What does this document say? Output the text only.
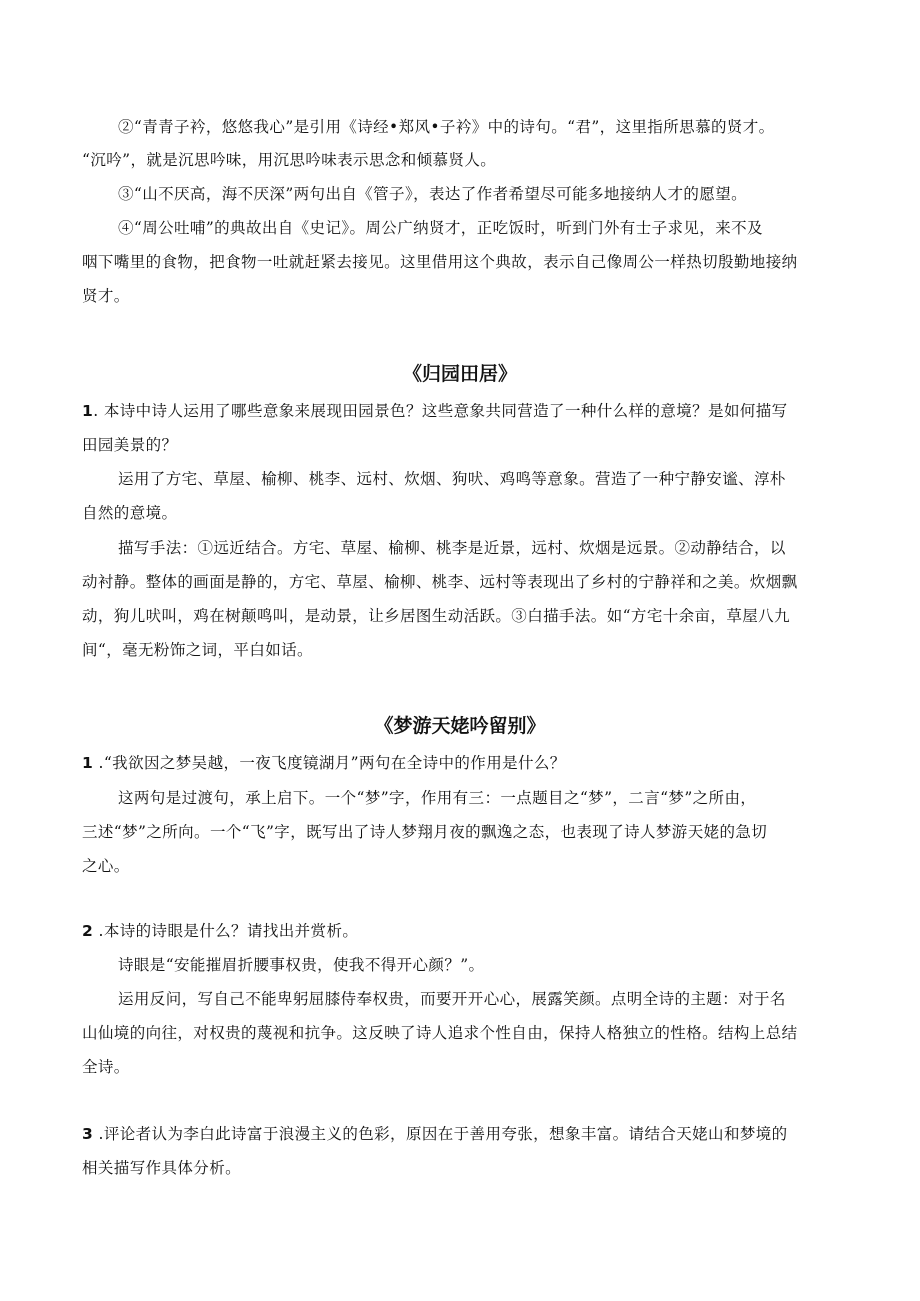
②“青青子衿，悠悠我心”是引用《诗经•郑风•子衿》中的诗句。“君”，这里指所思慕的贤才。
“沉吟”，就是沉思吟味，用沉思吟味表示思念和倾慕贤人。
③“山不厌高，海不厌深”两句出自《管子》，表达了作者希望尽可能多地接纳人才的愿望。
④“周公吐哺”的典故出自《史记》。周公广纳贤才，正吃饭时，听到门外有士子求见，来不及
咽下嘴里的食物，把食物一吐就赶紧去接见。这里借用这个典故，表示自己像周公一样热切殷勤地接纳
贤才。
《归园田居》
1. 本诗中诗人运用了哪些意象来展现田园景色？这些意象共同营造了一种什么样的意境？是如何描写
田园美景的？
运用了方宅、草屋、榆柳、桃李、远村、炊烟、狗吠、鸡鸣等意象。营造了一种宁静安谧、淳朴
自然的意境。
描写手法：①远近结合。方宅、草屋、榆柳、桃李是近景，远村、炊烟是远景。②动静结合，以
动衬静。整体的画面是静的，方宅、草屋、榆柳、桃李、远村等表现出了乡村的宁静祥和之美。炊烟飘
动，狗儿吠叫，鸡在树颠鸣叫，是动景，让乡居图生动活跃。③白描手法。如“方宅十余亩，草屋八九
间“，毫无粉饰之词，平白如话。
《梦游天姥吟留别》
1 .“我欲因之梦吴越，一夜飞度镜湖月”两句在全诗中的作用是什么？
这两句是过渡句，承上启下。一个“梦”字，作用有三：一点题目之“梦”，二言“梦”之所由，
三述“梦”之所向。一个“飞”字，既写出了诗人梦翔月夜的飘逸之态，也表现了诗人梦游天姥的急切
之心。
2 .本诗的诗眼是什么？请找出并赏析。
诗眼是“安能摧眉折腰事权贵，使我不得开心颜？”。
运用反问，写自己不能卑躬屈膝侍奉权贵，而要开开心心，展露笑颜。点明全诗的主题：对于名
山仙境的向往，对权贵的蔑视和抗争。这反映了诗人追求个性自由，保持人格独立的性格。结构上总结
全诗。
3 .评论者认为李白此诗富于浪漫主义的色彩，原因在于善用夸张，想象丰富。请结合天姥山和梦境的
相关描写作具体分析。
